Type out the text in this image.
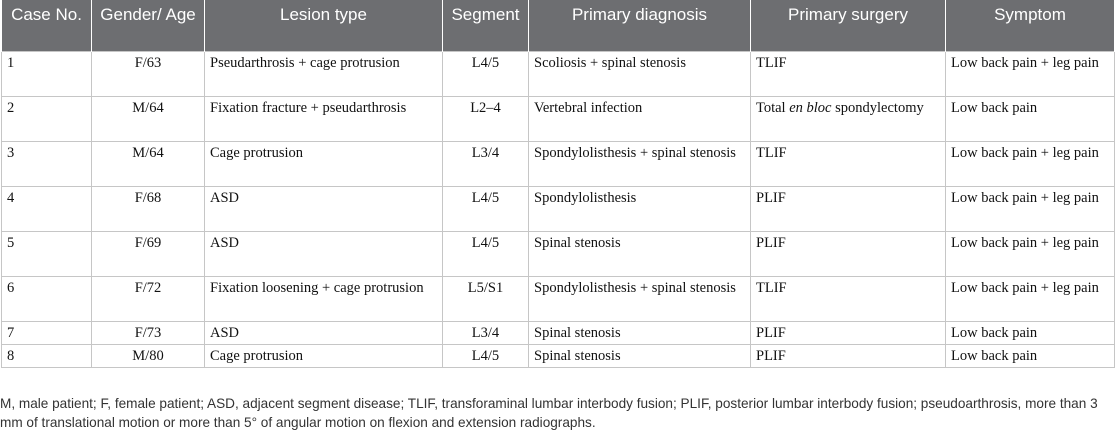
Case No.	Gender/ Age	Lesion type	Segment	Primary diagnosis	Primary surgery	Symptom
1	F/63	Pseudarthrosis + cage protrusion	L4/5	Scoliosis + spinal stenosis	TLIF	Low back pain + leg pain
2	M/64	Fixation fracture + pseudarthrosis	L2–4	Vertebral infection	Total en bloc spondylectomy	Low back pain
3	M/64	Cage protrusion	L3/4	Spondylolisthesis + spinal stenosis	TLIF	Low back pain + leg pain
4	F/68	ASD	L4/5	Spondylolisthesis	PLIF	Low back pain + leg pain
5	F/69	ASD	L4/5	Spinal stenosis	PLIF	Low back pain + leg pain
6	F/72	Fixation loosening + cage protrusion	L5/S1	Spondylolisthesis + spinal stenosis	TLIF	Low back pain + leg pain
7	F/73	ASD	L3/4	Spinal stenosis	PLIF	Low back pain
8	M/80	Cage protrusion	L4/5	Spinal stenosis	PLIF	Low back pain
M, male patient; F, female patient; ASD, adjacent segment disease; TLIF, transforaminal lumbar interbody fusion; PLIF, posterior lumbar interbody fusion; pseudoarthrosis, more than 3 mm of translational motion or more than 5° of angular motion on flexion and extension radiographs.
